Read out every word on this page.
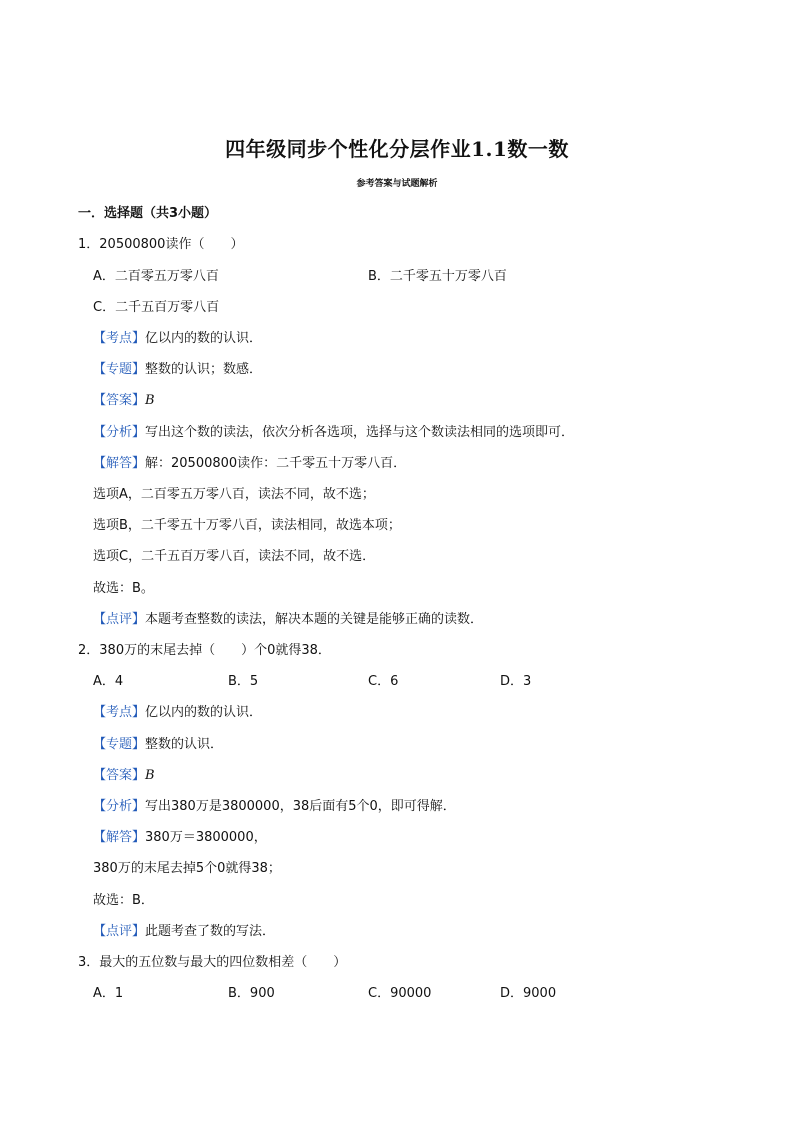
四年级同步个性化分层作业1.1数一数
参考答案与试题解析
一．选择题（共3小题）
1．20500800读作（　　）
A．二百零五万零八百	B．二千零五十万零八百
C．二千五百万零八百
【考点】亿以内的数的认识．
【专题】整数的认识；数感．
【答案】B
【分析】写出这个数的读法，依次分析各选项，选择与这个数读法相同的选项即可．
【解答】解：20500800读作：二千零五十万零八百．
选项A，二百零五万零八百，读法不同，故不选；
选项B，二千零五十万零八百，读法相同，故选本项；
选项C，二千五百万零八百，读法不同，故不选．
故选：B。
【点评】本题考查整数的读法，解决本题的关键是能够正确的读数．
2．380万的末尾去掉（　　）个0就得38．
A．4	B．5	C．6	D．3
【考点】亿以内的数的认识．
【专题】整数的认识．
【答案】B
【分析】写出380万是3800000，38后面有5个0，即可得解．
【解答】380万＝3800000，
380万的末尾去掉5个0就得38；
故选：B．
【点评】此题考查了数的写法．
3．最大的五位数与最大的四位数相差（　　）
A．1	B．900	C．90000	D．9000
